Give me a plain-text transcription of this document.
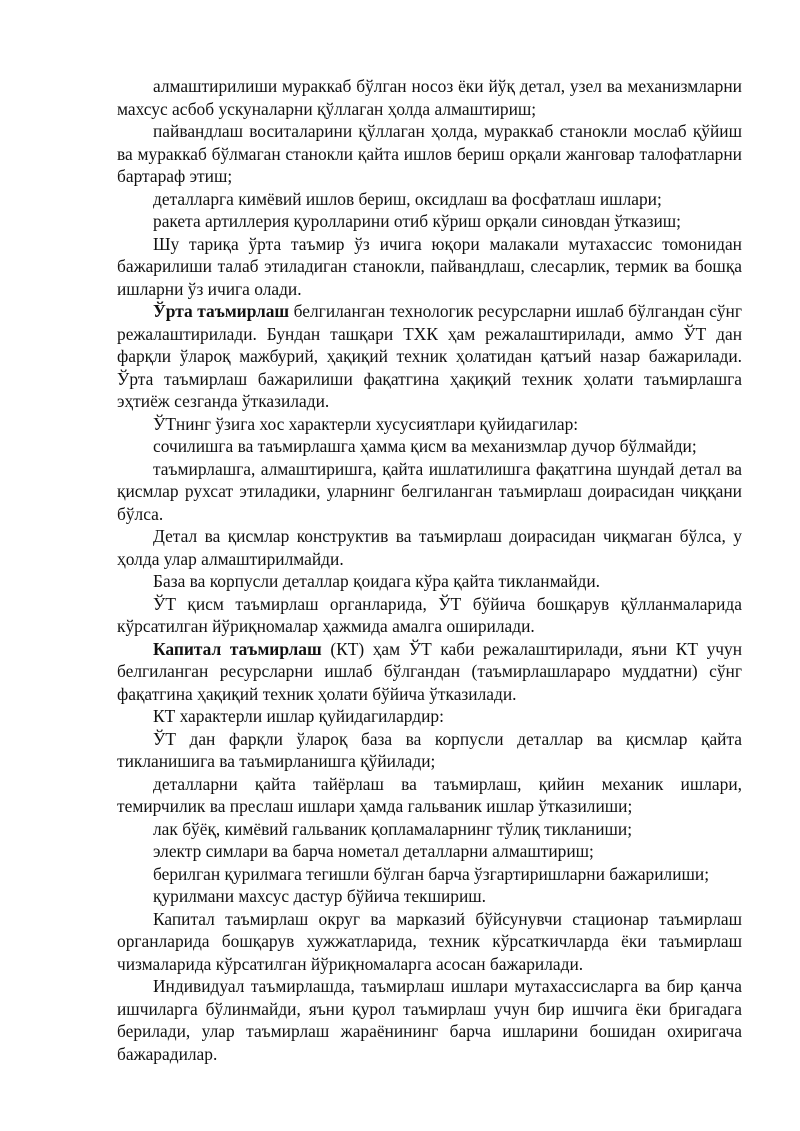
алмаштирилиши мураккаб бўлган носоз ёки йўқ детал, узел ва механизмларни махсус асбоб ускуналарни қўллаган ҳолда алмаштириш;

пайвандлаш воситаларини қўллаган ҳолда, мураккаб станокли мослаб қўйиш ва мураккаб бўлмаган станокли қайта ишлов бериш орқали жанговар талофатларни бартараф этиш;

деталларга кимёвий ишлов бериш, оксидлаш ва фосфатлаш ишлари;

ракета артиллерия қуролларини отиб кўриш орқали синовдан ўтказиш;

Шу тариқа ўрта таъмир ўз ичига юқори малакали мутахассис томонидан бажарилиши талаб этиладиган станокли, пайвандлаш, слесарлик, термик ва бошқа ишларни ўз ичига олади.

Ўрта таъмирлаш белгиланган технологик ресурсларни ишлаб бўлгандан сўнг режалаштирилади. Бундан ташқари ТХК ҳам режалаштирилади, аммо ЎТ дан фарқли ўлароқ мажбурий, ҳақиқий техник ҳолатидан қатъий назар бажарилади. Ўрта таъмирлаш бажарилиши фақатгина ҳақиқий техник ҳолати таъмирлашга эҳтиёж сезганда ўтказилади.

ЎТнинг ўзига хос характерли хусусиятлари қуйидагилар:

сочилишга ва таъмирлашга ҳамма қисм ва механизмлар дучор бўлмайди;

таъмирлашга, алмаштиришга, қайта ишлатилишга фақатгина шундай детал ва қисмлар рухсат этиладики, уларнинг белгиланган таъмирлаш доирасидан чиққани бўлса.

Детал ва қисмлар конструктив ва таъмирлаш доирасидан чиқмаган бўлса, у ҳолда улар алмаштирилмайди.

База ва корпусли деталлар қоидага кўра қайта тикланмайди.

ЎТ қисм таъмирлаш органларида, ЎТ бўйича бошқарув қўлланмаларида кўрсатилган йўриқномалар ҳажмида амалга оширилади.

Капитал таъмирлаш (КТ) ҳам ЎТ каби режалаштирилади, яъни КТ учун белгиланган ресурсларни ишлаб бўлгандан (таъмирлашлараро муддатни) сўнг фақатгина ҳақиқий техник ҳолати бўйича ўтказилади.

КТ характерли ишлар қуйидагилардир:

ЎТ дан фарқли ўлароқ база ва корпусли деталлар ва қисмлар қайта тикланишига ва таъмирланишга қўйилади;

деталларни қайта тайёрлаш ва таъмирлаш, қийин механик ишлари, темирчилик ва преслаш ишлари ҳамда гальваник ишлар ўтказилиши;

лак бўёқ, кимёвий гальваник қопламаларнинг тўлиқ тикланиши;

электр симлари ва барча нометал деталларни алмаштириш;

берилган қурилмага тегишли бўлган барча ўзгартиришларни бажарилиши;

қурилмани махсус дастур бўйича текшириш.

Капитал таъмирлаш округ ва марказий бўйсунувчи стационар таъмирлаш органларида бошқарув хужжатларида, техник кўрсаткичларда ёки таъмирлаш чизмаларида кўрсатилган йўриқномаларга асосан бажарилади.

Индивидуал таъмирлашда, таъмирлаш ишлари мутахассисларга ва бир қанча ишчиларга бўлинмайди, яъни қурол таъмирлаш учун бир ишчига ёки бригадага берилади, улар таъмирлаш жараёнининг барча ишларини бошидан охиригача бажарадилар.
